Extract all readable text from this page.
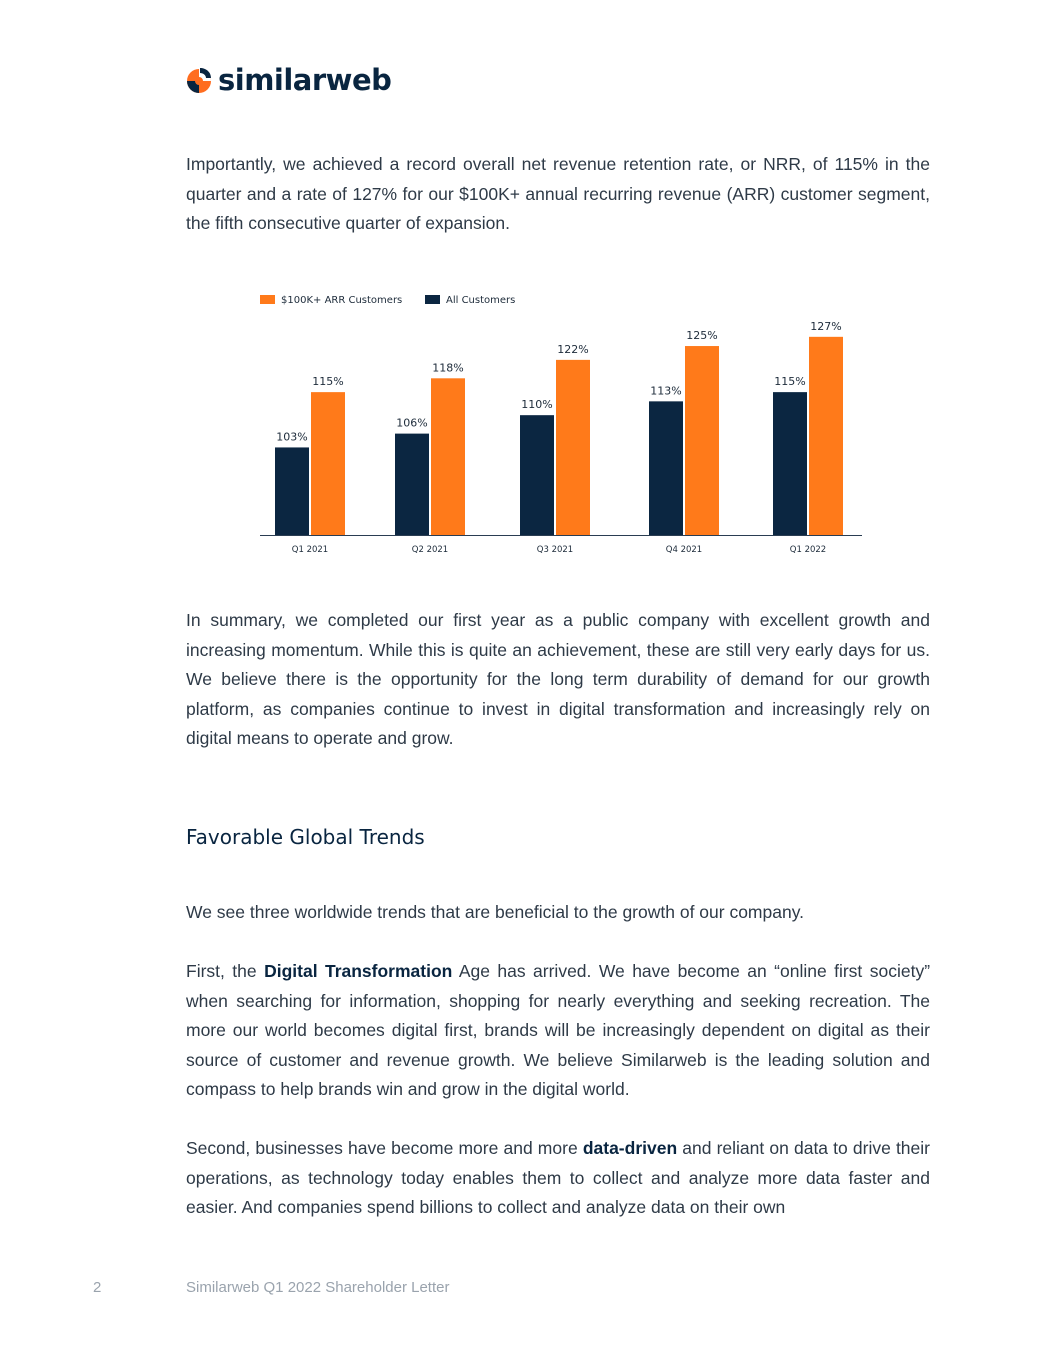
similarweb

Importantly, we achieved a record overall net revenue retention rate, or NRR, of 115% in the quarter and a rate of 127% for our $100K+ annual recurring revenue (ARR) customer segment, the fifth consecutive quarter of expansion.

$100K+ ARR Customers	All Customers
103%
115%
Q1 2021
106%
118%
Q2 2021
110%
122%
Q3 2021
113%
125%
Q4 2021
115%
127%
Q1 2022

In summary, we completed our first year as a public company with excellent growth and increasing momentum. While this is quite an achievement, these are still very early days for us. We believe there is the opportunity for the long term durability of demand for our growth platform, as companies continue to invest in digital transformation and increasingly rely on digital means to operate and grow.

Favorable Global Trends

We see three worldwide trends that are beneficial to the growth of our company.

First, the Digital Transformation Age has arrived. We have become an “online first society” when searching for information, shopping for nearly everything and seeking recreation. The more our world becomes digital first, brands will be increasingly dependent on digital as their source of customer and revenue growth. We believe Similarweb is the leading solution and compass to help brands win and grow in the digital world.

Second, businesses have become more and more data-driven and reliant on data to drive their operations, as technology today enables them to collect and analyze more data faster and easier. And companies spend billions to collect and analyze data on their own

2	Similarweb Q1 2022 Shareholder Letter
